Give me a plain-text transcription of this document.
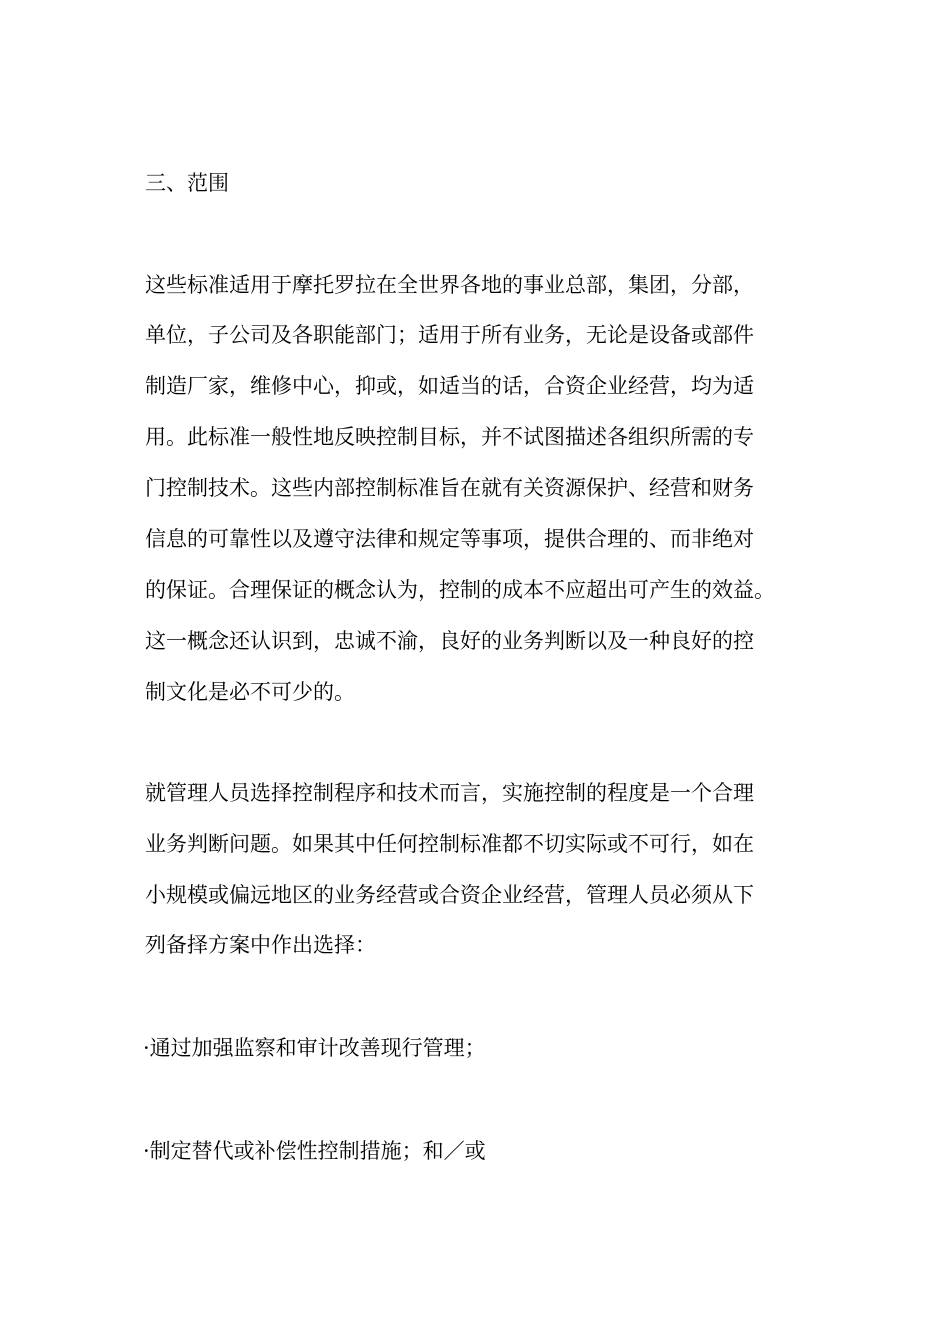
三、范围
这些标准适用于摩托罗拉在全世界各地的事业总部，集团，分部，
单位，子公司及各职能部门；适用于所有业务，无论是设备或部件
制造厂家，维修中心，抑或，如适当的话，合资企业经营，均为适
用。此标准一般性地反映控制目标，并不试图描述各组织所需的专
门控制技术。这些内部控制标准旨在就有关资源保护、经营和财务
信息的可靠性以及遵守法律和规定等事项，提供合理的、而非绝对
的保证。合理保证的概念认为，控制的成本不应超出可产生的效益。
这一概念还认识到，忠诚不渝，良好的业务判断以及一种良好的控
制文化是必不可少的。
就管理人员选择控制程序和技术而言，实施控制的程度是一个合理
业务判断问题。如果其中任何控制标准都不切实际或不可行，如在
小规模或偏远地区的业务经营或合资企业经营，管理人员必须从下
列备择方案中作出选择：
·通过加强监察和审计改善现行管理；
·制定替代或补偿性控制措施；和／或
